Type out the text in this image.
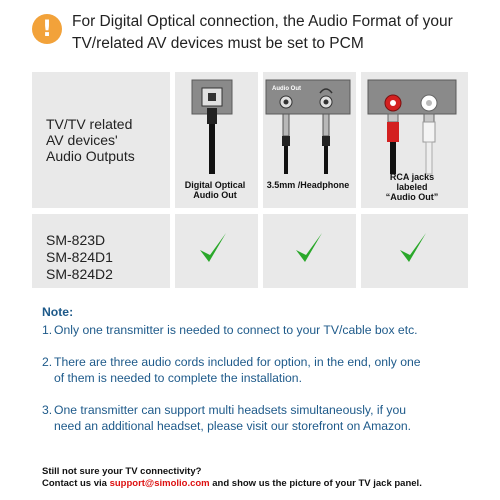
!	For Digital Optical connection, the Audio Format of your
TV/related AV devices must be set to PCM
TV/TV related
AV devices'
Audio Outputs
Digital Optical
Audio Out
Audio Out
3.5mm /Headphone
RCA jacks
labeled
“Audio Out”
SM-823D
SM-824D1
SM-824D2
Note:
1. Only one transmitter is needed to connect to your TV/cable box etc.
2. There are three audio cords included for option, in the end, only one
of them is needed to complete the installation.
3. One transmitter can support multi headsets simultaneously, if you
need an additional headset, please visit our storefront on Amazon.
Still not sure your TV connectivity?
Contact us via support@simolio.com and show us the picture of your TV jack panel.
